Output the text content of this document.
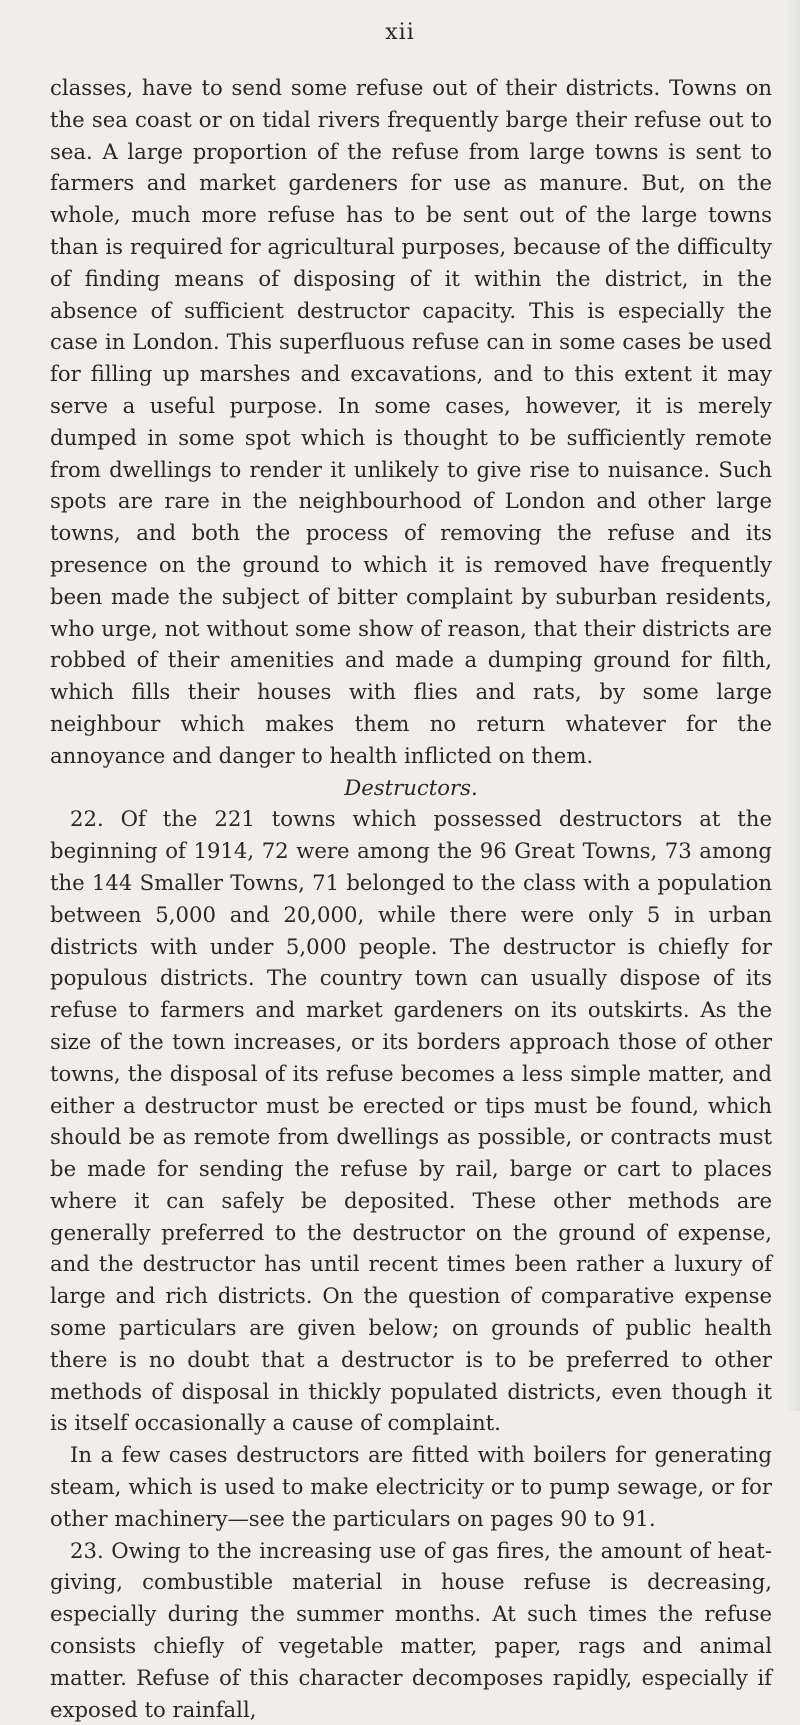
xii

classes, have to send some refuse out of their districts. Towns on the sea coast or on tidal rivers frequently barge their refuse out to sea. A large proportion of the refuse from large towns is sent to farmers and market gardeners for use as manure. But, on the whole, much more refuse has to be sent out of the large towns than is required for agricultural purposes, because of the difficulty of finding means of disposing of it within the district, in the absence of sufficient destructor capacity. This is especially the case in London. This superfluous refuse can in some cases be used for filling up marshes and excavations, and to this extent it may serve a useful purpose. In some cases, however, it is merely dumped in some spot which is thought to be sufficiently remote from dwellings to render it unlikely to give rise to nuisance. Such spots are rare in the neighbourhood of London and other large towns, and both the process of removing the refuse and its presence on the ground to which it is removed have frequently been made the subject of bitter complaint by suburban residents, who urge, not without some show of reason, that their districts are robbed of their amenities and made a dumping ground for filth, which fills their houses with flies and rats, by some large neighbour which makes them no return whatever for the annoyance and danger to health inflicted on them.

Destructors.

22. Of the 221 towns which possessed destructors at the beginning of 1914, 72 were among the 96 Great Towns, 73 among the 144 Smaller Towns, 71 belonged to the class with a population between 5,000 and 20,000, while there were only 5 in urban districts with under 5,000 people. The destructor is chiefly for populous districts. The country town can usually dispose of its refuse to farmers and market gardeners on its outskirts. As the size of the town increases, or its borders approach those of other towns, the disposal of its refuse becomes a less simple matter, and either a destructor must be erected or tips must be found, which should be as remote from dwellings as possible, or contracts must be made for sending the refuse by rail, barge or cart to places where it can safely be deposited. These other methods are generally preferred to the destructor on the ground of expense, and the destructor has until recent times been rather a luxury of large and rich districts. On the question of comparative expense some particulars are given below; on grounds of public health there is no doubt that a destructor is to be preferred to other methods of disposal in thickly populated districts, even though it is itself occasionally a cause of complaint.

In a few cases destructors are fitted with boilers for generating steam, which is used to make electricity or to pump sewage, or for other machinery—see the particulars on pages 90 to 91.

23. Owing to the increasing use of gas fires, the amount of heat-giving, combustible material in house refuse is decreasing, especially during the summer months. At such times the refuse consists chiefly of vegetable matter, paper, rags and animal matter. Refuse of this character decomposes rapidly, especially if exposed to rainfall,
